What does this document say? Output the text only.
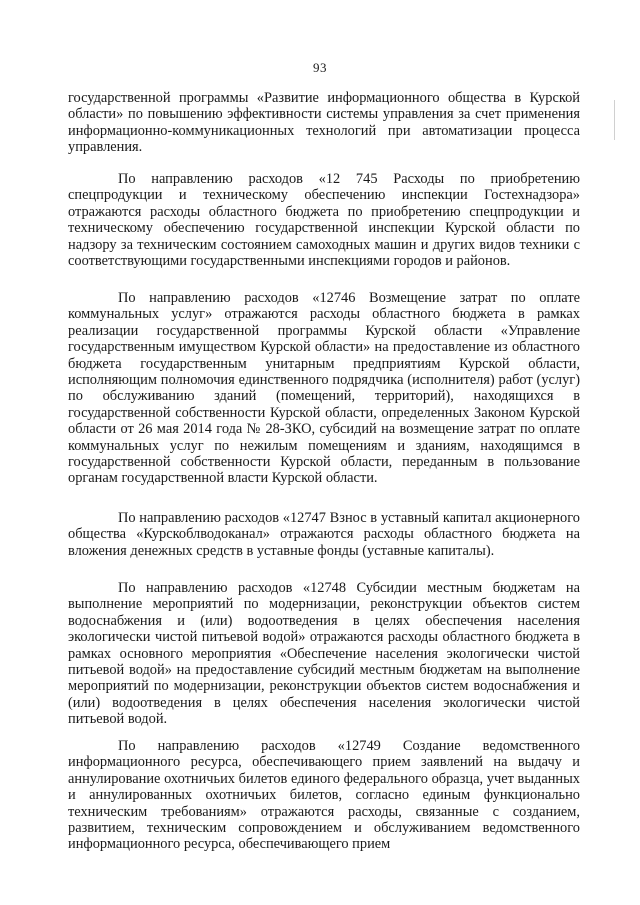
93

государственной программы «Развитие информационного общества в Курской области» по повышению эффективности системы управления за счет применения информационно-коммуникационных технологий при автоматизации процесса управления.

По направлению расходов «12 745 Расходы по приобретению спецпродукции и техническому обеспечению инспекции Гостехнадзора» отражаются расходы областного бюджета по приобретению спецпродукции и техническому обеспечению государственной инспекции Курской области по надзору за техническим состоянием самоходных машин и других видов техники с соответствующими государственными инспекциями городов и районов.

По направлению расходов «12746 Возмещение затрат по оплате коммунальных услуг» отражаются расходы областного бюджета в рамках реализации государственной программы Курской области «Управление государственным имуществом Курской области» на предоставление из областного бюджета государственным унитарным предприятиям Курской области, исполняющим полномочия единственного подрядчика (исполнителя) работ (услуг) по обслуживанию зданий (помещений, территорий), находящихся в государственной собственности Курской области, определенных Законом Курской области от 26 мая 2014 года № 28-ЗКО, субсидий на возмещение затрат по оплате коммунальных услуг по нежилым помещениям и зданиям, находящимся в государственной собственности Курской области, переданным в пользование органам государственной власти Курской области.

По направлению расходов «12747 Взнос в уставный капитал акционерного общества «Курскоблводоканал» отражаются расходы областного бюджета на вложения денежных средств в уставные фонды (уставные капиталы).

По направлению расходов «12748 Субсидии местным бюджетам на выполнение мероприятий по модернизации, реконструкции объектов систем водоснабжения и (или) водоотведения в целях обеспечения населения экологически чистой питьевой водой» отражаются расходы областного бюджета в рамках основного мероприятия «Обеспечение населения экологически чистой питьевой водой» на предоставление субсидий местным бюджетам на выполнение мероприятий по модернизации, реконструкции объектов систем водоснабжения и (или) водоотведения в целях обеспечения населения экологически чистой питьевой водой.

По направлению расходов «12749 Создание ведомственного информационного ресурса, обеспечивающего прием заявлений на выдачу и аннулирование охотничьих билетов единого федерального образца, учет выданных и аннулированных охотничьих билетов, согласно единым функционально техническим требованиям» отражаются расходы, связанные с созданием, развитием, техническим сопровождением и обслуживанием ведомственного информационного ресурса, обеспечивающего прием
